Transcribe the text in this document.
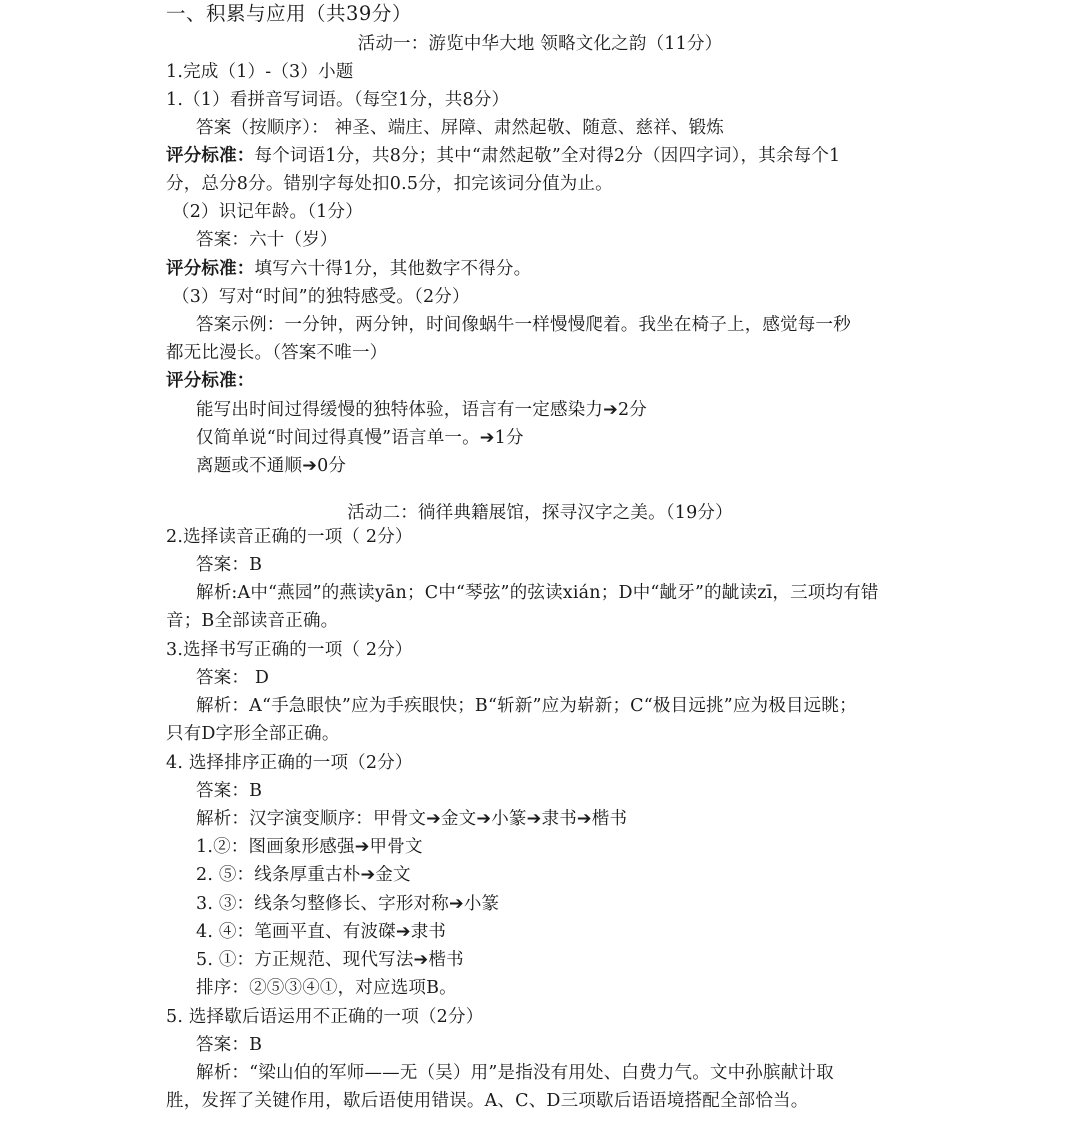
一、积累与应用（共39分）
活动一：游览中华大地 领略文化之韵（11分）
1.完成（1）-（3）小题
1.（1）看拼音写词语。（每空1分，共8分）
答案（按顺序）： 神圣、端庄、屏障、肃然起敬、随意、慈祥、锻炼
评分标准：每个词语1分，共8分；其中“肃然起敬”全对得2分（因四字词），其余每个1
分，总分8分。错别字每处扣0.5分，扣完该词分值为止。
（2）识记年龄。（1分）
答案：六十（岁）
评分标准：填写六十得1分，其他数字不得分。
（3）写对“时间”的独特感受。（2分）
答案示例：一分钟，两分钟，时间像蜗牛一样慢慢爬着。我坐在椅子上，感觉每一秒
都无比漫长。（答案不唯一）
评分标准：
能写出时间过得缓慢的独特体验，语言有一定感染力➔2分
仅简单说“时间过得真慢”语言单一。➔1分
离题或不通顺➔0分
活动二：徜徉典籍展馆，探寻汉字之美。（19分）
2.选择读音正确的一项（ 2分）
答案：B
解析:A中“燕园”的燕读yān；C中“琴弦”的弦读xián；D中“龇牙”的龇读zī，三项均有错
音；B全部读音正确。
3.选择书写正确的一项（ 2分）
答案： D
解析：A“手急眼快”应为手疾眼快；B“斩新”应为崭新；C“极目远挑”应为极目远眺；
只有D字形全部正确。
4. 选择排序正确的一项（2分）
答案：B
解析：汉字演变顺序：甲骨文➔金文➔小篆➔隶书➔楷书
1.②：图画象形感强➔甲骨文
2. ⑤：线条厚重古朴➔金文
3. ③：线条匀整修长、字形对称➔小篆
4. ④：笔画平直、有波磔➔隶书
5. ①：方正规范、现代写法➔楷书
排序：②⑤③④①，对应选项B。
5. 选择歇后语运用不正确的一项（2分）
答案：B
解析：“梁山伯的军师——无（吴）用”是指没有用处、白费力气。文中孙膑献计取
胜，发挥了关键作用，歇后语使用错误。A、C、D三项歇后语语境搭配全部恰当。
